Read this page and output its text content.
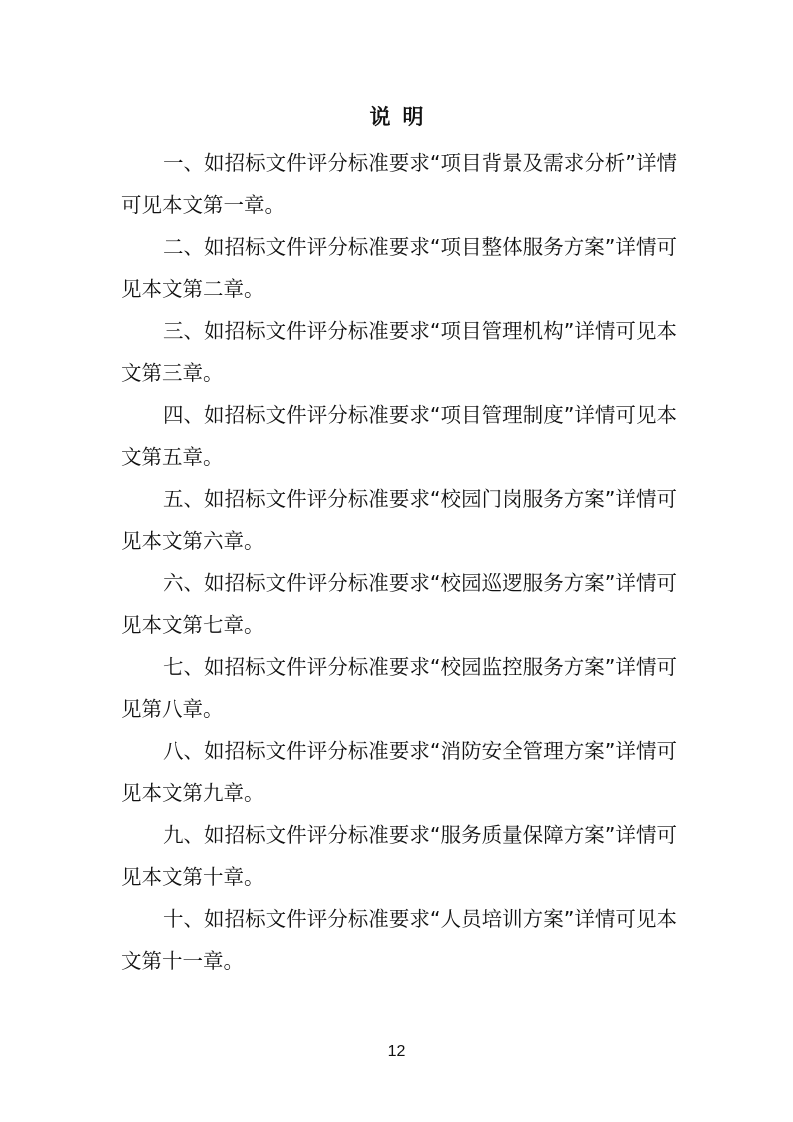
说明

一、如招标文件评分标准要求“项目背景及需求分析”详情可见本文第一章。

二、如招标文件评分标准要求“项目整体服务方案”详情可见本文第二章。

三、如招标文件评分标准要求“项目管理机构”详情可见本文第三章。

四、如招标文件评分标准要求“项目管理制度”详情可见本文第五章。

五、如招标文件评分标准要求“校园门岗服务方案”详情可见本文第六章。

六、如招标文件评分标准要求“校园巡逻服务方案”详情可见本文第七章。

七、如招标文件评分标准要求“校园监控服务方案”详情可见第八章。

八、如招标文件评分标准要求“消防安全管理方案”详情可见本文第九章。

九、如招标文件评分标准要求“服务质量保障方案”详情可见本文第十章。

十、如招标文件评分标准要求“人员培训方案”详情可见本文第十一章。

12
